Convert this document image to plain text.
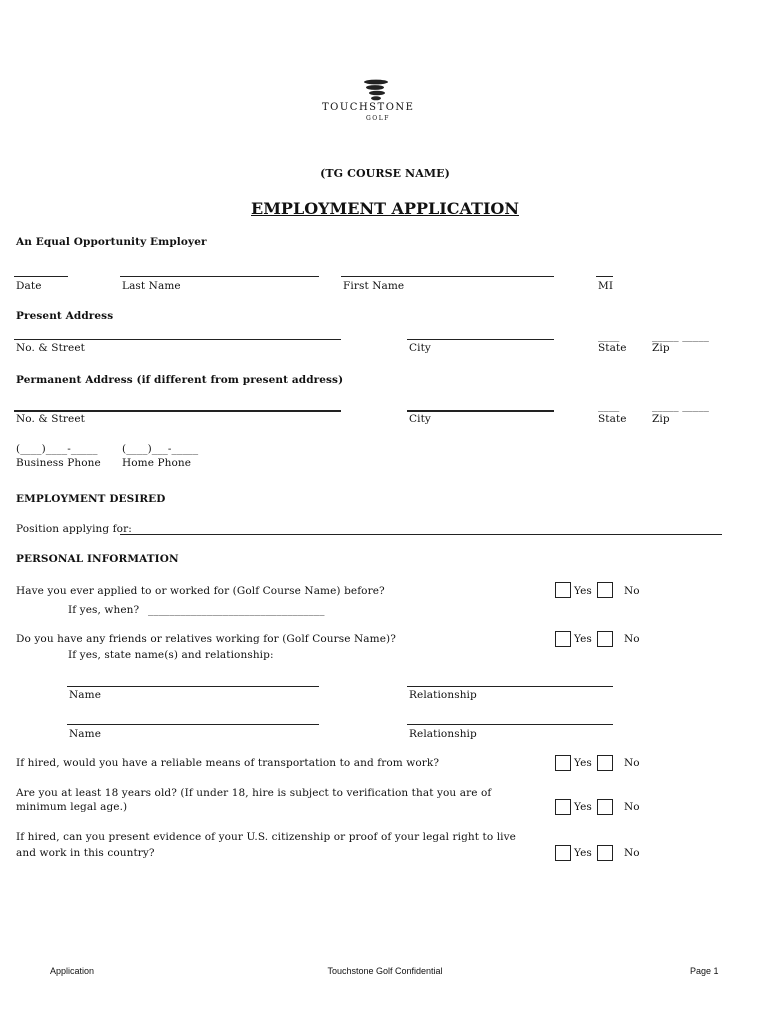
TOUCHSTONE
GOLF
(TG COURSE NAME)
EMPLOYMENT APPLICATION
An Equal Opportunity Employer
Date	Last Name	First Name	MI
Present Address
____	_____ _____
No. & Street	City	State Zip
Permanent Address (if different from present address)
____	_____ _____
No. & Street	City	State Zip
(____)____-_____ (____)___-_____
Business Phone Home Phone
EMPLOYMENT DESIRED
Position applying for:
PERSONAL INFORMATION
Have you ever applied to or worked for (Golf Course Name) before?	Yes	No
If yes, when? _________________________________
Do you have any friends or relatives working for (Golf Course Name)?	Yes	No
If yes, state name(s) and relationship:
Name	Relationship
Name	Relationship
If hired, would you have a reliable means of transportation to and from work?	Yes	No
Are you at least 18 years old? (If under 18, hire is subject to verification that you are of
minimum legal age.)	Yes	No
If hired, can you present evidence of your U.S. citizenship or proof of your legal right to live
and work in this country?	Yes	No
Application	Touchstone Golf Confidential	Page 1
